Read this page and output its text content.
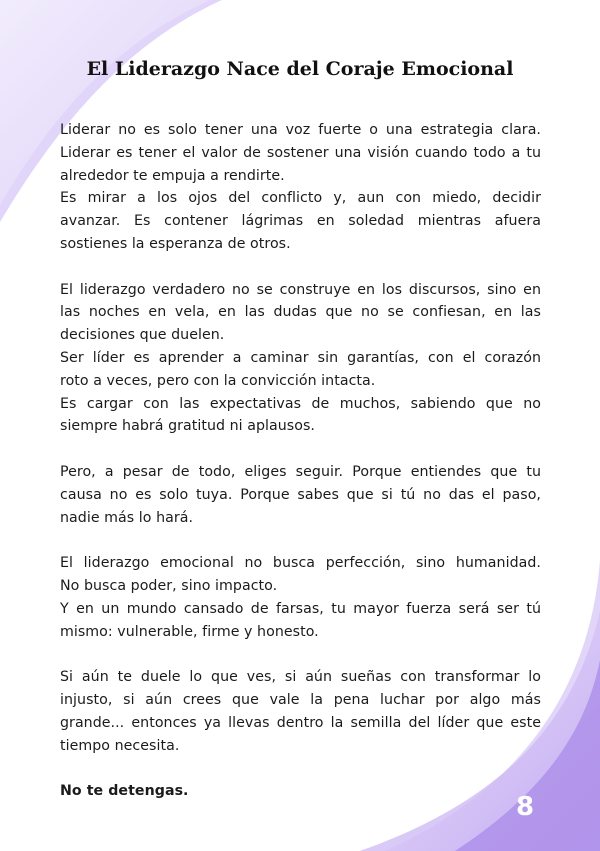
El Liderazgo Nace del Coraje Emocional

Liderar no es solo tener una voz fuerte o una estrategia clara.
Liderar es tener el valor de sostener una visión cuando todo a tu
alrededor te empuja a rendirte.
Es mirar a los ojos del conflicto y, aun con miedo, decidir
avanzar. Es contener lágrimas en soledad mientras afuera
sostienes la esperanza de otros.

El liderazgo verdadero no se construye en los discursos, sino en
las noches en vela, en las dudas que no se confiesan, en las
decisiones que duelen.
Ser líder es aprender a caminar sin garantías, con el corazón
roto a veces, pero con la convicción intacta.
Es cargar con las expectativas de muchos, sabiendo que no
siempre habrá gratitud ni aplausos.

Pero, a pesar de todo, eliges seguir. Porque entiendes que tu
causa no es solo tuya. Porque sabes que si tú no das el paso,
nadie más lo hará.

El liderazgo emocional no busca perfección, sino humanidad.
No busca poder, sino impacto.
Y en un mundo cansado de farsas, tu mayor fuerza será ser tú
mismo: vulnerable, firme y honesto.

Si aún te duele lo que ves, si aún sueñas con transformar lo
injusto, si aún crees que vale la pena luchar por algo más
grande... entonces ya llevas dentro la semilla del líder que este
tiempo necesita.

No te detengas.

8
